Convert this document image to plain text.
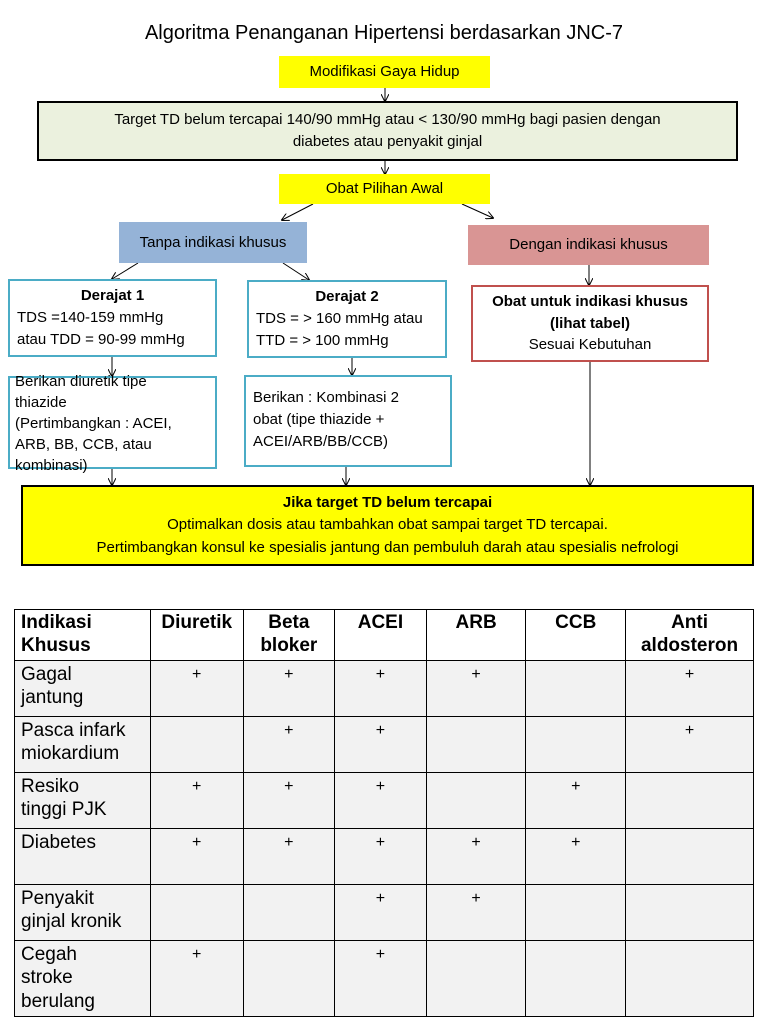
Algoritma Penanganan Hipertensi berdasarkan JNC-7
Modifikasi Gaya Hidup
Target TD belum tercapai 140/90 mmHg atau < 130/90 mmHg bagi pasien dengan
diabetes atau penyakit ginjal
Obat Pilihan Awal
Tanpa indikasi khusus	Dengan indikasi khusus
Derajat 1
TDS =140-159 mmHg
atau TDD = 90-99 mmHg
Derajat 2
TDS = > 160 mmHg atau
TTD = > 100 mmHg
Obat untuk indikasi khusus
(lihat tabel)
Sesuai Kebutuhan
Berikan diuretik tipe
thiazide
(Pertimbangkan : ACEI,
ARB, BB, CCB, atau
kombinasi)
Berikan : Kombinasi 2
obat (tipe thiazide +
ACEI/ARB/BB/CCB)
Jika target TD belum tercapai
Optimalkan dosis atau tambahkan obat sampai target TD tercapai.
Pertimbangkan konsul ke spesialis jantung dan pembuluh darah atau spesialis nefrologi
Indikasi
Khusus	Diuretik	Beta
bloker	ACEI	ARB	CCB	Anti
aldosteron
Gagal
jantung	+	+	+	+		+
Pasca infark
miokardium		+	+			+
Resiko
tinggi PJK	+	+	+		+	
Diabetes	+	+	+	+	+	
Penyakit
ginjal kronik			+	+		
Cegah
stroke
berulang	+		+			
